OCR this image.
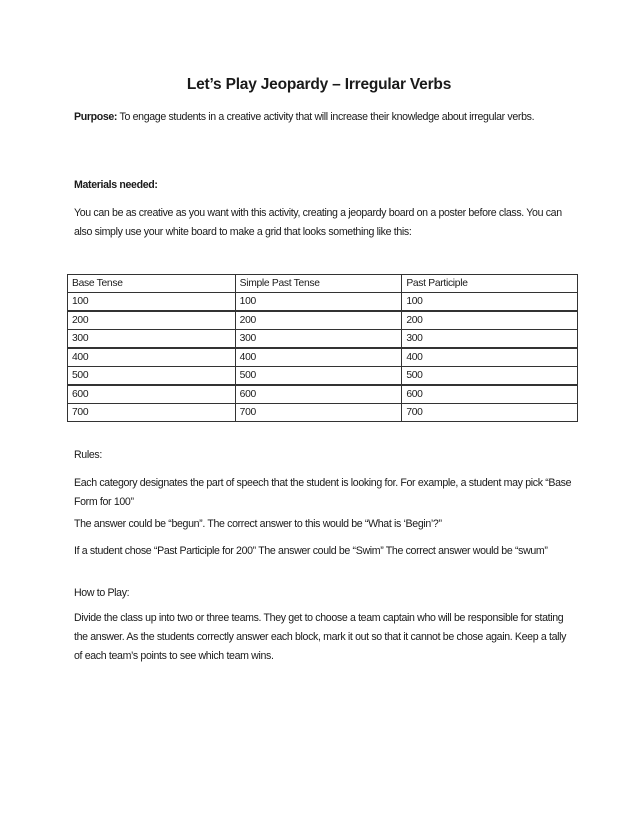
Let’s Play Jeopardy – Irregular Verbs
Purpose: To engage students in a creative activity that will increase their knowledge about irregular verbs.
Materials needed:
You can be as creative as you want with this activity, creating a jeopardy board on a poster before class. You can also simply use your white board to make a grid that looks something like this:
Base Tense	Simple Past Tense	Past Participle
100	100	100
200	200	200
300	300	300
400	400	400
500	500	500
600	600	600
700	700	700
Rules:
Each category designates the part of speech that the student is looking for. For example, a student may pick “Base Form for 100”
The answer could be “begun”. The correct answer to this would be “What is ‘Begin’?”
If a student chose “Past Participle for 200” The answer could be “Swim” The correct answer would be “swum”
How to Play:
Divide the class up into two or three teams. They get to choose a team captain who will be responsible for stating the answer. As the students correctly answer each block, mark it out so that it cannot be chose again. Keep a tally of each team’s points to see which team wins.
